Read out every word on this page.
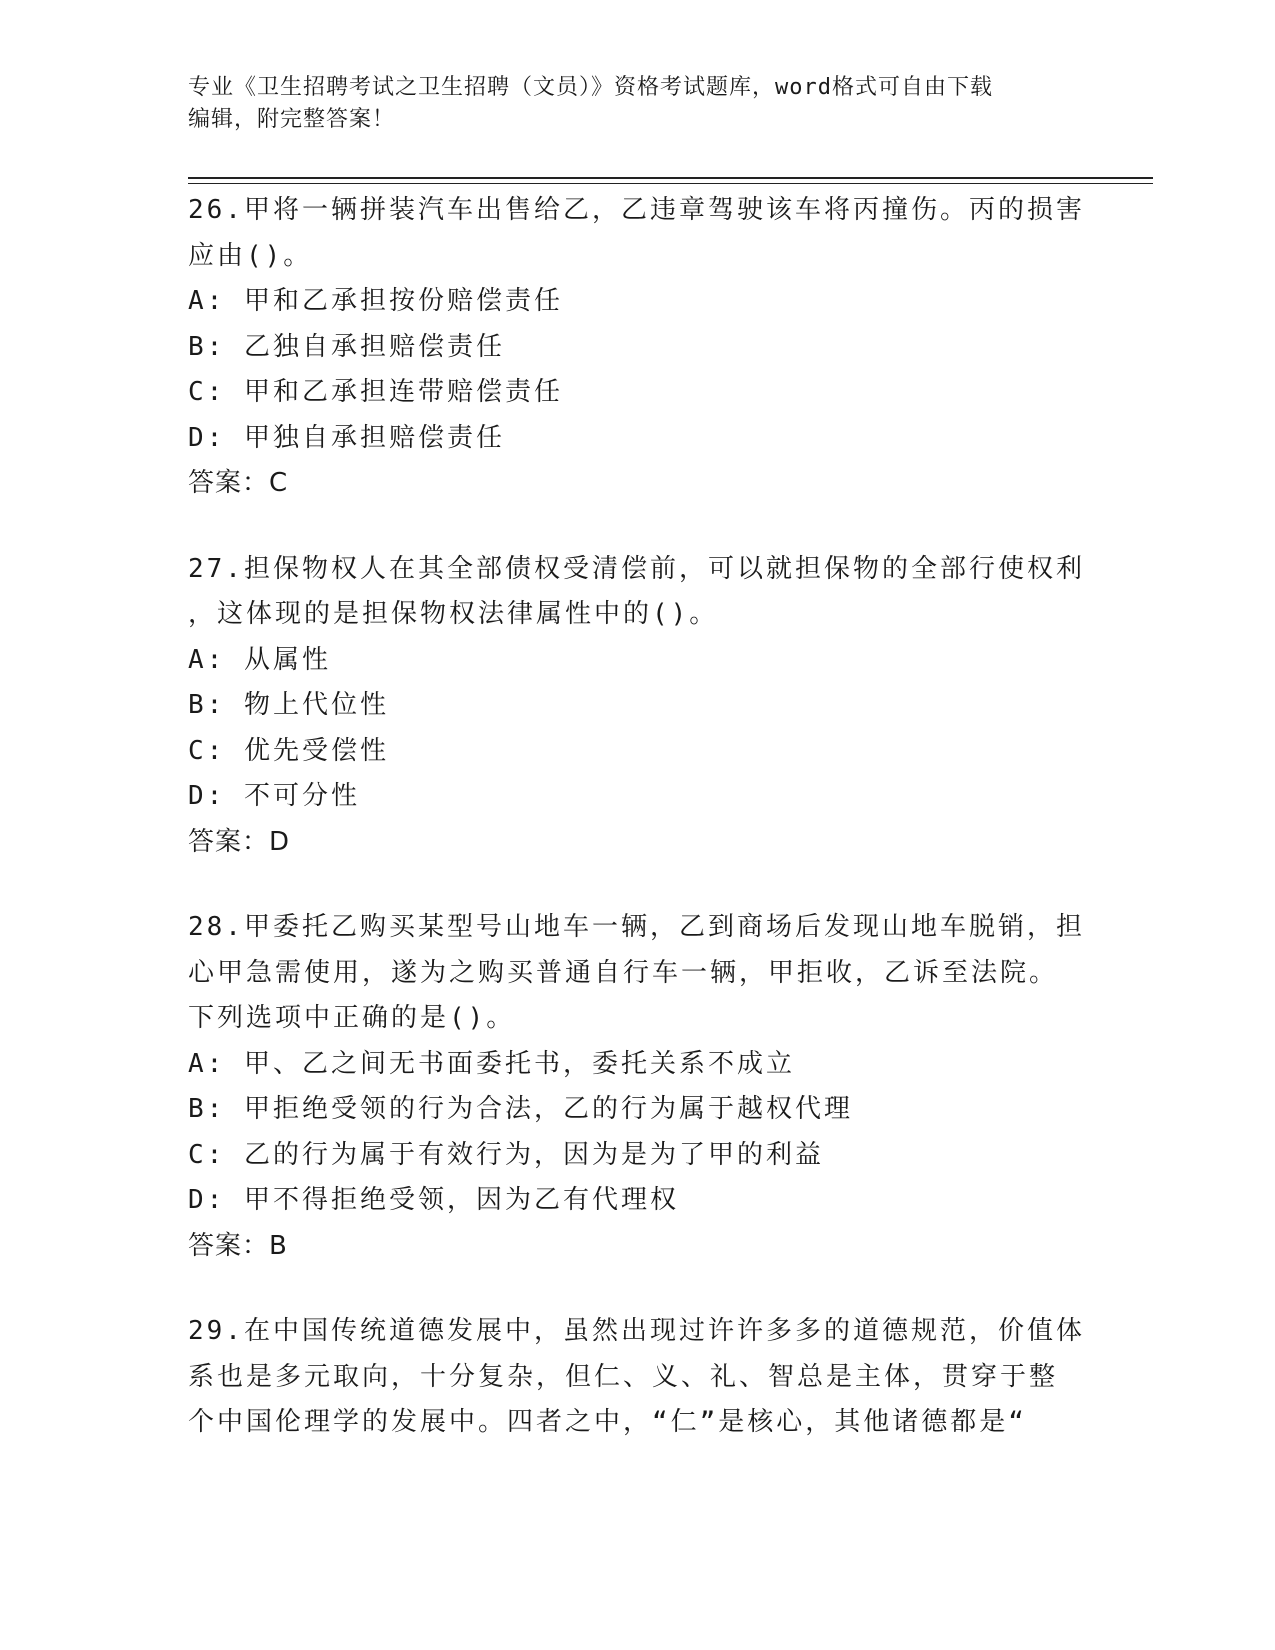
专业《卫生招聘考试之卫生招聘（文员）》资格考试题库，word格式可自由下载
编辑，附完整答案！
26.甲将一辆拼装汽车出售给乙，乙违章驾驶该车将丙撞伤。丙的损害
应由()。
A: 甲和乙承担按份赔偿责任
B: 乙独自承担赔偿责任
C: 甲和乙承担连带赔偿责任
D: 甲独自承担赔偿责任
答案：C
27.担保物权人在其全部债权受清偿前，可以就担保物的全部行使权利
，这体现的是担保物权法律属性中的()。
A: 从属性
B: 物上代位性
C: 优先受偿性
D: 不可分性
答案：D
28.甲委托乙购买某型号山地车一辆，乙到商场后发现山地车脱销，担
心甲急需使用，遂为之购买普通自行车一辆，甲拒收，乙诉至法院。
下列选项中正确的是()。
A: 甲、乙之间无书面委托书，委托关系不成立
B: 甲拒绝受领的行为合法，乙的行为属于越权代理
C: 乙的行为属于有效行为，因为是为了甲的利益
D: 甲不得拒绝受领，因为乙有代理权
答案：B
29.在中国传统道德发展中，虽然出现过许许多多的道德规范，价值体
系也是多元取向，十分复杂，但仁、义、礼、智总是主体，贯穿于整
个中国伦理学的发展中。四者之中，“仁”是核心，其他诸德都是“
